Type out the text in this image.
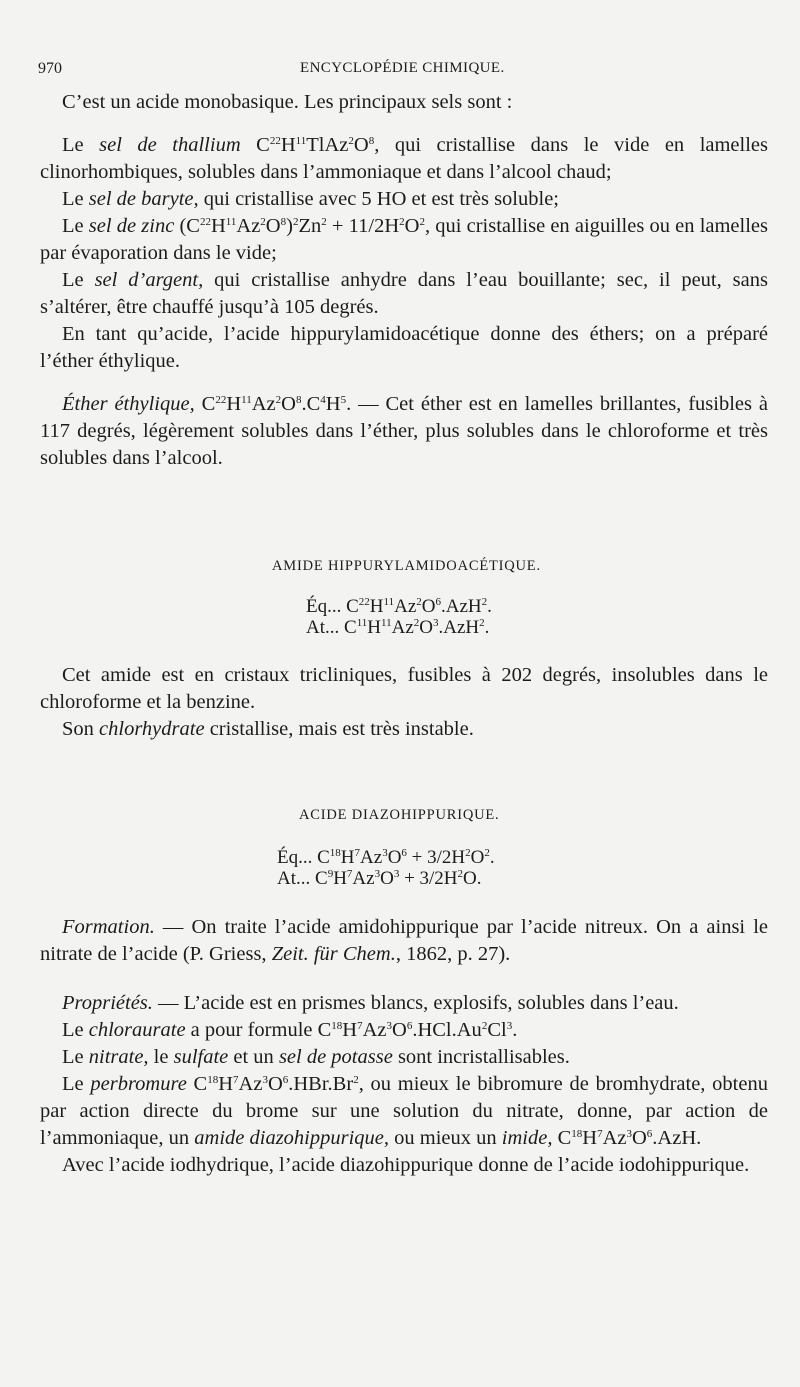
970	ENCYCLOPÉDIE CHIMIQUE.

C’est un acide monobasique. Les principaux sels sont :

Le sel de thallium $C^{22}H^{11}TlAz^2O^8$, qui cristallise dans le vide en lamelles clinorhombiques, solubles dans l’ammoniaque et dans l’alcool chaud;

Le sel de baryte, qui cristallise avec 5 HO et est très soluble;

Le sel de zinc $(C^{22}H^{11}Az^2O^8)^2Zn^2 + 11/2H^2O^2$, qui cristallise en aiguilles ou en lamelles par évaporation dans le vide;

Le sel d’argent, qui cristallise anhydre dans l’eau bouillante; sec, il peut, sans s’altérer, être chauffé jusqu’à 105 degrés.

En tant qu’acide, l’acide hippurylamidoacétique donne des éthers; on a préparé l’éther éthylique.

Éther éthylique, $C^{22}H^{11}Az^2O^8.C^4H^5$. — Cet éther est en lamelles brillantes, fusibles à 117 degrés, légèrement solubles dans l’éther, plus solubles dans le chloroforme et très solubles dans l’alcool.

AMIDE HIPPURYLAMIDOACÉTIQUE.
Éq... $C^{22}H^{11}Az^2O^6.AzH^2$.
At... $C^{11}H^{11}Az^2O^3.AzH^2$.

Cet amide est en cristaux tricliniques, fusibles à 202 degrés, insolubles dans le chloroforme et la benzine.

Son chlorhydrate cristallise, mais est très instable.

ACIDE DIAZOHIPPURIQUE.
Éq... $C^{18}H^7Az^3O^6 + 3/2H^2O^2$.
At... $C^9H^7Az^3O^3 + 3/2H^2O$.

Formation. — On traite l’acide amidohippurique par l’acide nitreux. On a ainsi le nitrate de l’acide (P. Griess, Zeit. für Chem., 1862, p. 27).

Propriétés. — L’acide est en prismes blancs, explosifs, solubles dans l’eau.

Le chloraurate a pour formule $C^{18}H^7Az^3O^6.HCl.Au^2Cl^3$.

Le nitrate, le sulfate et un sel de potasse sont incristallisables.

Le perbromure $C^{18}H^7Az^3O^6.HBr.Br^2$, ou mieux le bibromure de bromhydrate, obtenu par action directe du brome sur une solution du nitrate, donne, par action de l’ammoniaque, un amide diazohippurique, ou mieux un imide, $C^{18}H^7Az^3O^6.AzH$.

Avec l’acide iodhydrique, l’acide diazohippurique donne de l’acide iodohippurique.
